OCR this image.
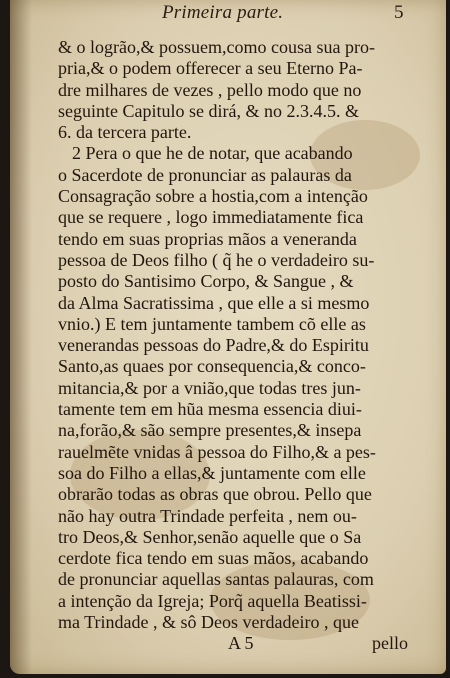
Primeira parte.	5
& o logrão,& possuem,como cousa sua pro-
pria,& o podem offerecer a seu Eterno Pa-
dre milhares de vezes , pello modo que no
seguinte Capitulo se dirá, & no 2.3.4.5. &
6. da tercera parte.
2 Pera o que he de notar, que acabando
o Sacerdote de pronunciar as palauras da
Consagração sobre a hostia,com a intenção
que se requere , logo immediatamente fica
tendo em suas proprias mãos a veneranda
pessoa de Deos filho ( q̃ he o verdadeiro su-
posto do Santisimo Corpo, & Sangue , &
da Alma Sacratissima , que elle a si mesmo
vnio.) E tem juntamente tambem cõ elle as
venerandas pessoas do Padre,& do Espiritu
Santo,as quaes por consequencia,& conco-
mitancia,& por a vnião,que todas tres jun-
tamente tem em hũa mesma essencia diui-
na,forão,& são sempre presentes,& insepa
rauelmẽte vnidas â pessoa do Filho,& a pes-
soa do Filho a ellas,& juntamente com elle
obrarão todas as obras que obrou. Pello que
não hay outra Trindade perfeita , nem ou-
tro Deos,& Senhor,senão aquelle que o Sa
cerdote fica tendo em suas mãos, acabando
de pronunciar aquellas santas palauras, com
a intenção da Igreja; Porq̃ aquella Beatissi-
ma Trindade , & sô Deos verdadeiro , que
A 5	pello
